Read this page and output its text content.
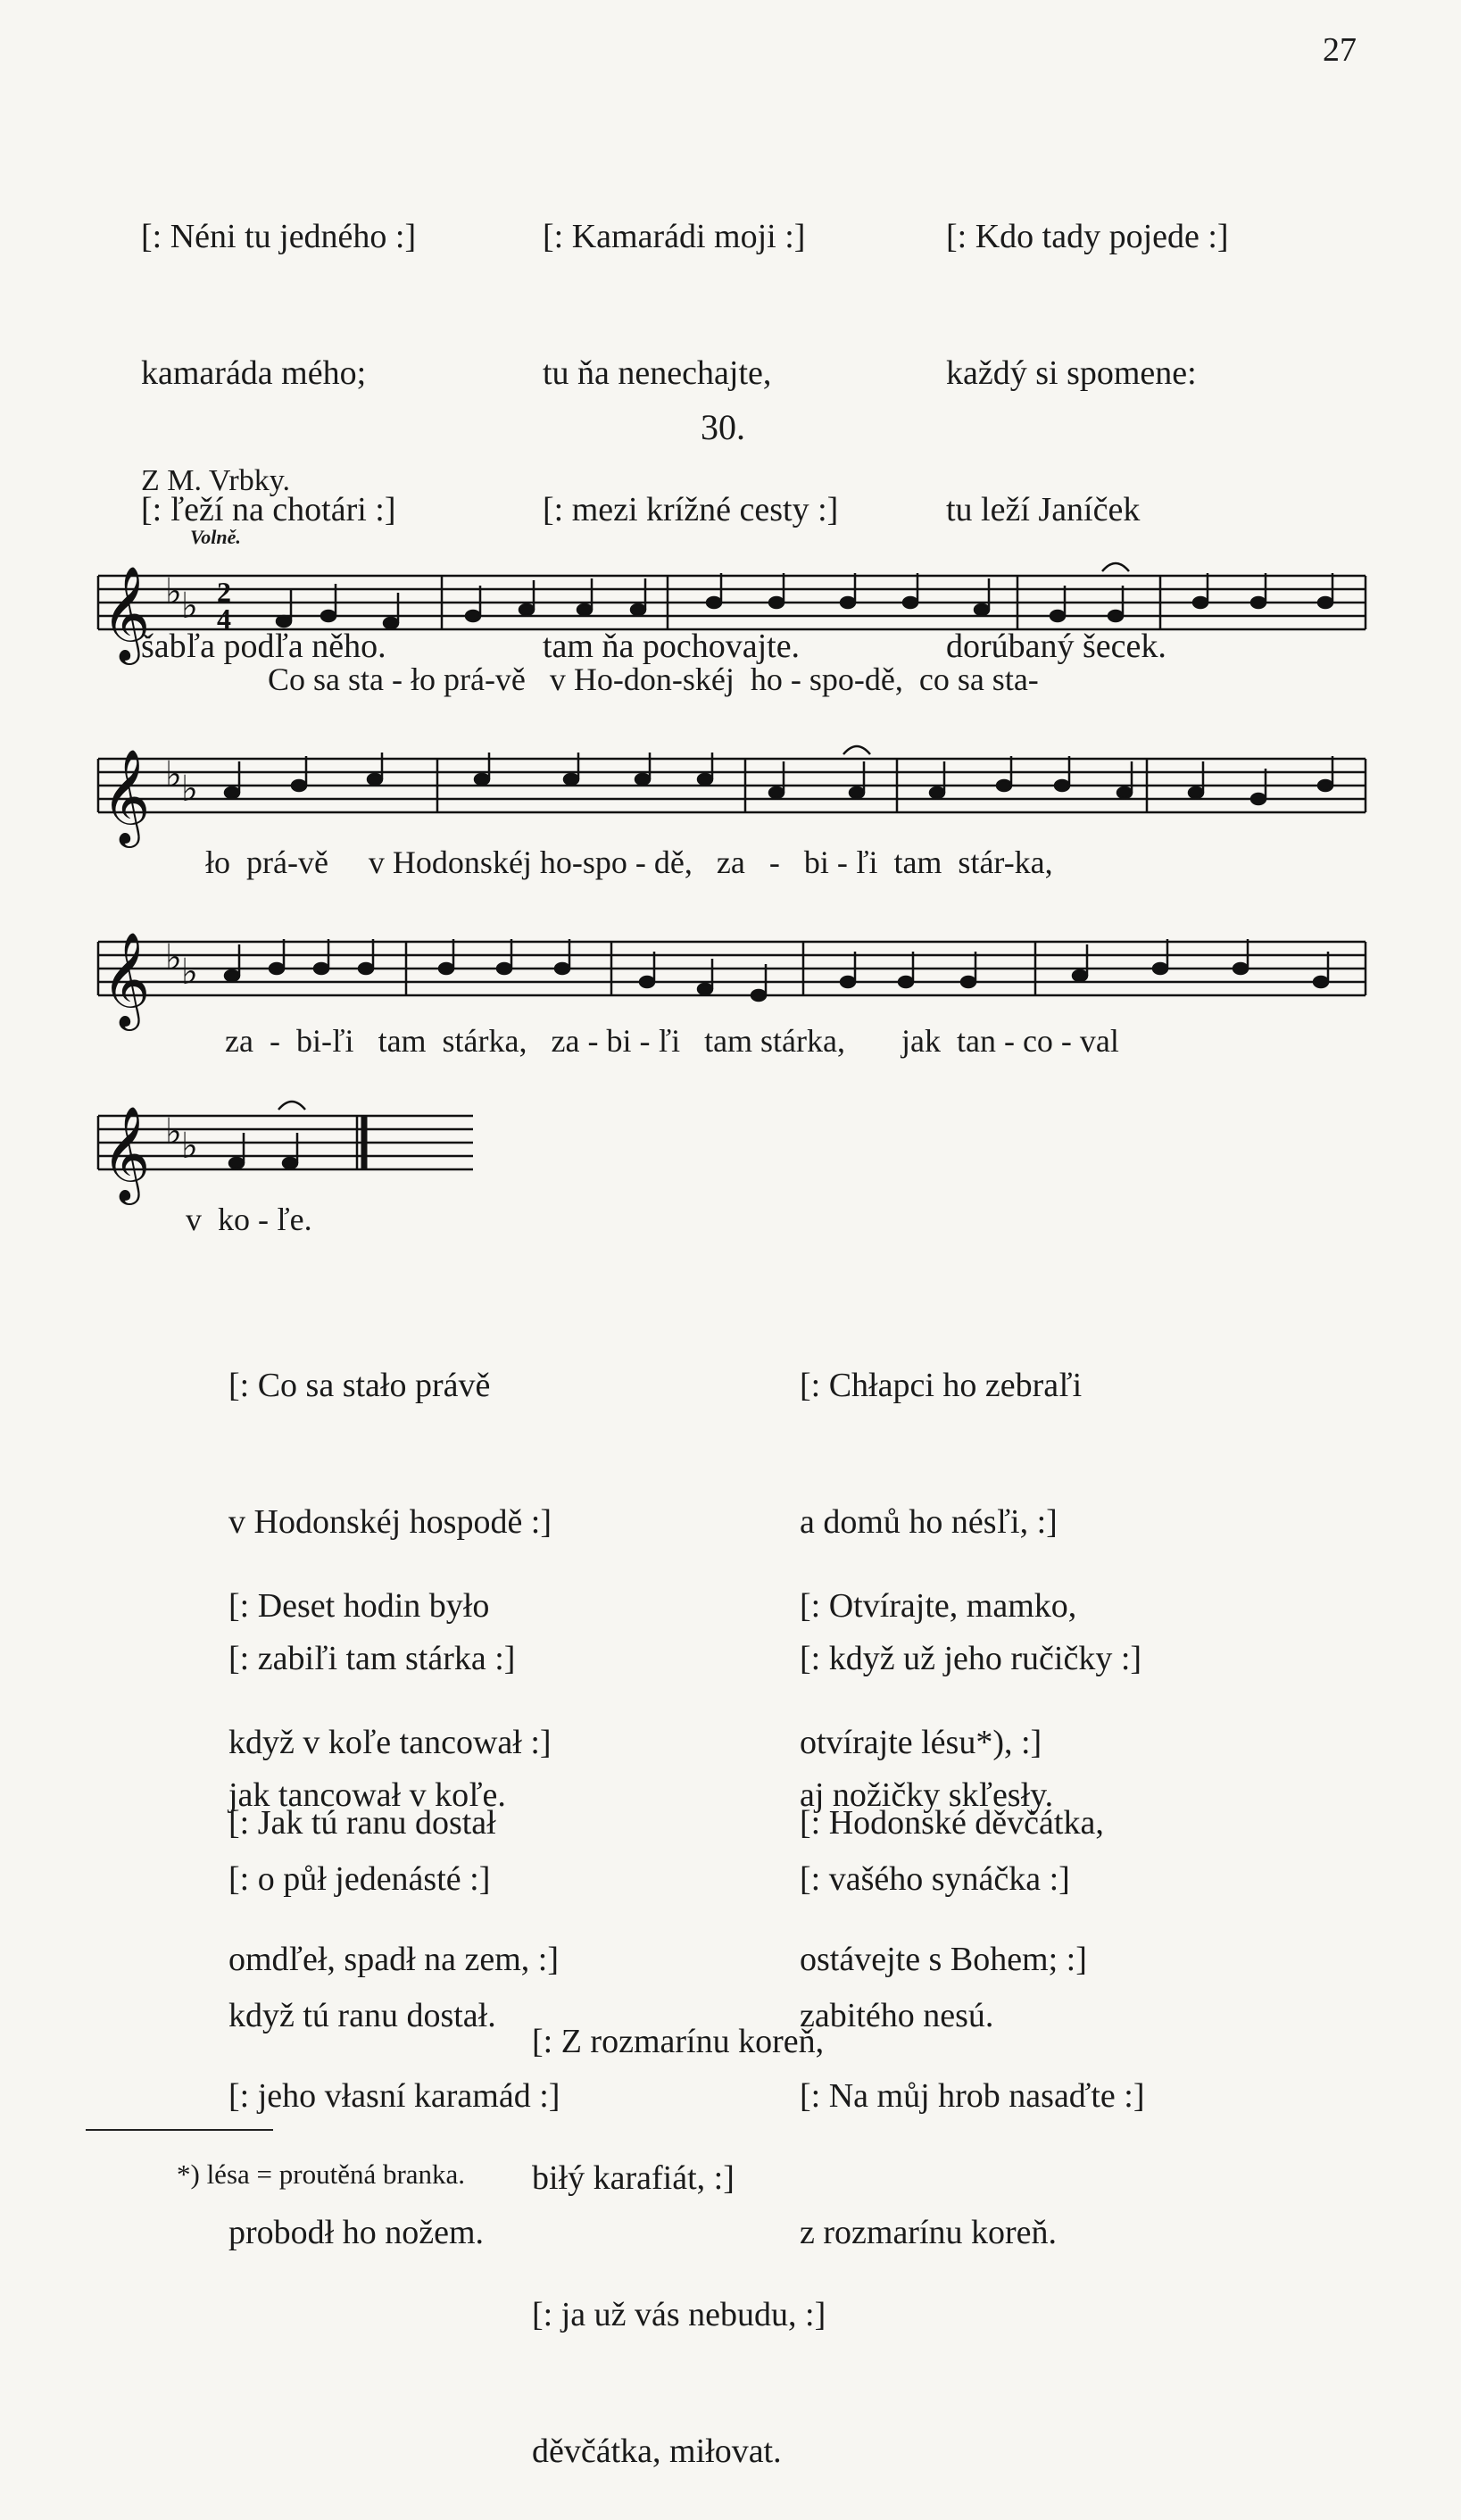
27

[: Néni tu jedného :]

kamaráda mého;

[: ľeží na chotári :]

šabľa podľa něho.

[: Kamarádi moji :]

tu ňa nenechajte,

[: mezi krížné cesty :]

tam ňa pochovajte.

[: Kdo tady pojede :]

každý si spomene:

tu leží Janíček

dorúbaný šecek.

30.
Z M. Vrbky.
Volně.
𝄞 ♭ ♭ 2
4
Co sa sta - ło prá-vě   v Ho-don-skéj  ho - spo-dě,  co sa sta-
𝄞 ♭ ♭
ło  prá-vě     v Hodonskéj ho-spo - dě,   za   -   bi - ľi  tam  stár-ka,
𝄞 ♭ ♭
za  -  bi-ľi   tam  stárka,   za - bi - ľi   tam stárka,       jak  tan - co - val
𝄞 ♭ ♭
v  ko - ľe.

[: Co sa stało právě

v Hodonskéj hospodě :]

[: zabiľi tam stárka :]

jak tancował v koľe.

[: Chłapci ho zebraľi

a domů ho nésľi, :]

[: když už jeho ručičky :]

aj nožičky skľesły.

[: Deset hodin było

když v koľe tancował :]

[: o půł jedenásté :]

když tú ranu dostał.

[: Otvírajte, mamko,

otvírajte lésu*), :]

[: vašého synáčka :]

zabitého nesú.

[: Jak tú ranu dostał

omdľeł, spadł na zem, :]

[: jeho vłasní karamád :]

probodł ho nožem.

[: Hodonské děvčátka,

ostávejte s Bohem; :]

[: Na můj hrob nasaďte :]

z rozmarínu koreň.

[: Z rozmarínu koreň,

biłý karafiát, :]

[: ja už vás nebudu, :]

děvčátka, miłovat.

*) lésa = proutěná branka.
